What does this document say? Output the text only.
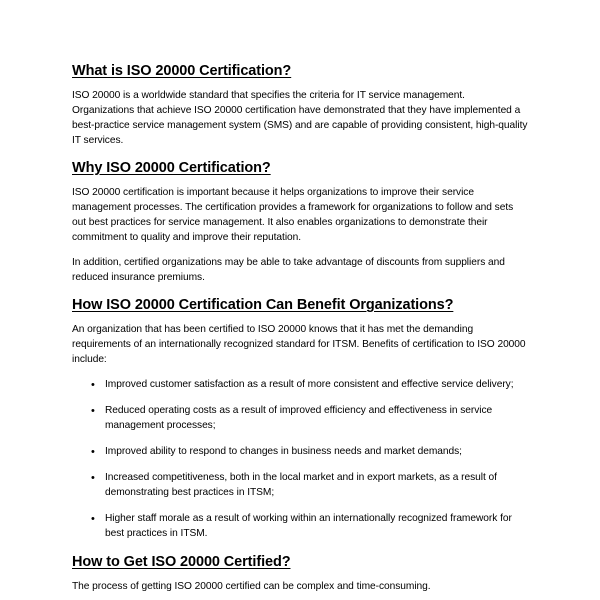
What is ISO 20000 Certification?

ISO 20000 is a worldwide standard that specifies the criteria for IT service management. Organizations that achieve ISO 20000 certification have demonstrated that they have implemented a best-practice service management system (SMS) and are capable of providing consistent, high-quality IT services.

Why ISO 20000 Certification?

ISO 20000 certification is important because it helps organizations to improve their service management processes. The certification provides a framework for organizations to follow and sets out best practices for service management. It also enables organizations to demonstrate their commitment to quality and improve their reputation.

In addition, certified organizations may be able to take advantage of discounts from suppliers and reduced insurance premiums.

How ISO 20000 Certification Can Benefit Organizations?

An organization that has been certified to ISO 20000 knows that it has met the demanding requirements of an internationally recognized standard for ITSM. Benefits of certification to ISO 20000 include:

• Improved customer satisfaction as a result of more consistent and effective service delivery;
• Reduced operating costs as a result of improved efficiency and effectiveness in service management processes;
• Improved ability to respond to changes in business needs and market demands;
• Increased competitiveness, both in the local market and in export markets, as a result of demonstrating best practices in ITSM;
• Higher staff morale as a result of working within an internationally recognized framework for best practices in ITSM.
How to Get ISO 20000 Certified?

The process of getting ISO 20000 certified can be complex and time-consuming.
